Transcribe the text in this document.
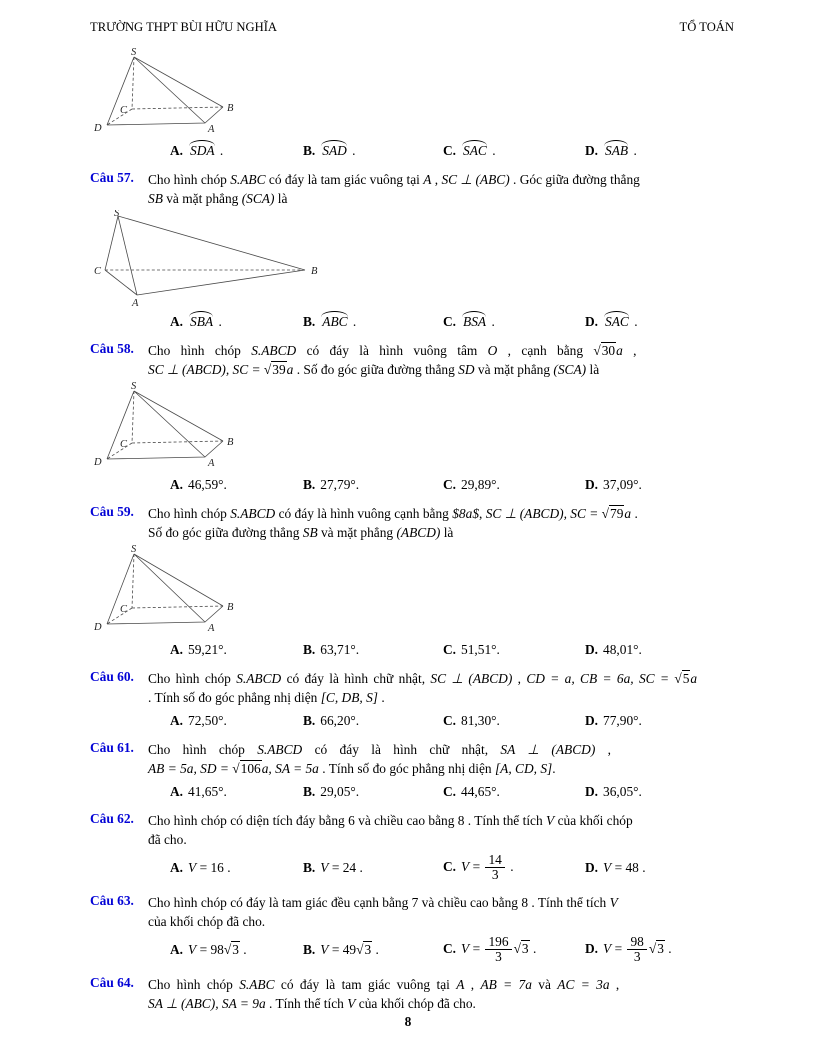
TRƯỜNG THPT BÙI HỮU NGHĨA	TỔ TOÁN
S
D	A
B
C
A. SDA .	B. SAD .	C. SAC .	D. SAB .
Câu 57.	Cho hình chóp S.ABC có đáy là tam giác vuông tại A , SC ⊥ (ABC) . Góc giữa đường thẳng
SB và mặt phẳng (SCA) là
S
C	B
A
A. SBA .	B. ABC .	C. BSA .	D. SAC .
Câu 58.	Cho hình chóp S.ABCD có đáy là hình vuông tâm O , cạnh bằng √30a ,
SC ⊥ (ABCD), SC = √39a . Số đo góc giữa đường thẳng SD và mặt phẳng (SCA) là
S
D	A
B
C
A. 46,59°.	B. 27,79°.	C. 29,89°.	D. 37,09°.
Câu 59.	Cho hình chóp S.ABCD có đáy là hình vuông cạnh bằng $8a$, SC ⊥ (ABCD), SC = √79a .
Số đo góc giữa đường thẳng SB và mặt phẳng (ABCD) là
S
D	A
B
C
A. 59,21°.	B. 63,71°.	C. 51,51°.	D. 48,01°.
Câu 60.	Cho hình chóp S.ABCD có đáy là hình chữ nhật, SC ⊥ (ABCD) , CD = a, CB = 6a, SC = √5a
. Tính số đo góc phẳng nhị diện [C, DB, S] .
A. 72,50°.	B. 66,20°.	C. 81,30°.	D. 77,90°.
Câu 61.	Cho hình chóp S.ABCD có đáy là hình chữ nhật, SA ⊥ (ABCD) ,
AB = 5a, SD = √106a, SA = 5a . Tính số đo góc phẳng nhị diện [A, CD, S].
A. 41,65°.	B. 29,05°.	C. 44,65°.	D. 36,05°.
Câu 62.	Cho hình chóp có diện tích đáy bằng 6 và chiều cao bằng 8 . Tính thể tích V của khối chóp
đã cho.
A. V = 16 .	B. V = 24 .	C. $V = \frac{14}{3}$ .	D. V = 48 .
Câu 63.	Cho hình chóp có đáy là tam giác đều cạnh bằng 7 và chiều cao bằng 8 . Tính thể tích V
của khối chóp đã cho.
A. V = 98√3 .	B. V = 49√3 .	C. $V = \frac{196}{3} √3$ .	D. $V = \frac{98}{3} √3$ .
Câu 64.	Cho hình chóp S.ABC có đáy là tam giác vuông tại A , AB = 7a và AC = 3a ,
SA ⊥ (ABC), SA = 9a . Tính thể tích V của khối chóp đã cho.
8
